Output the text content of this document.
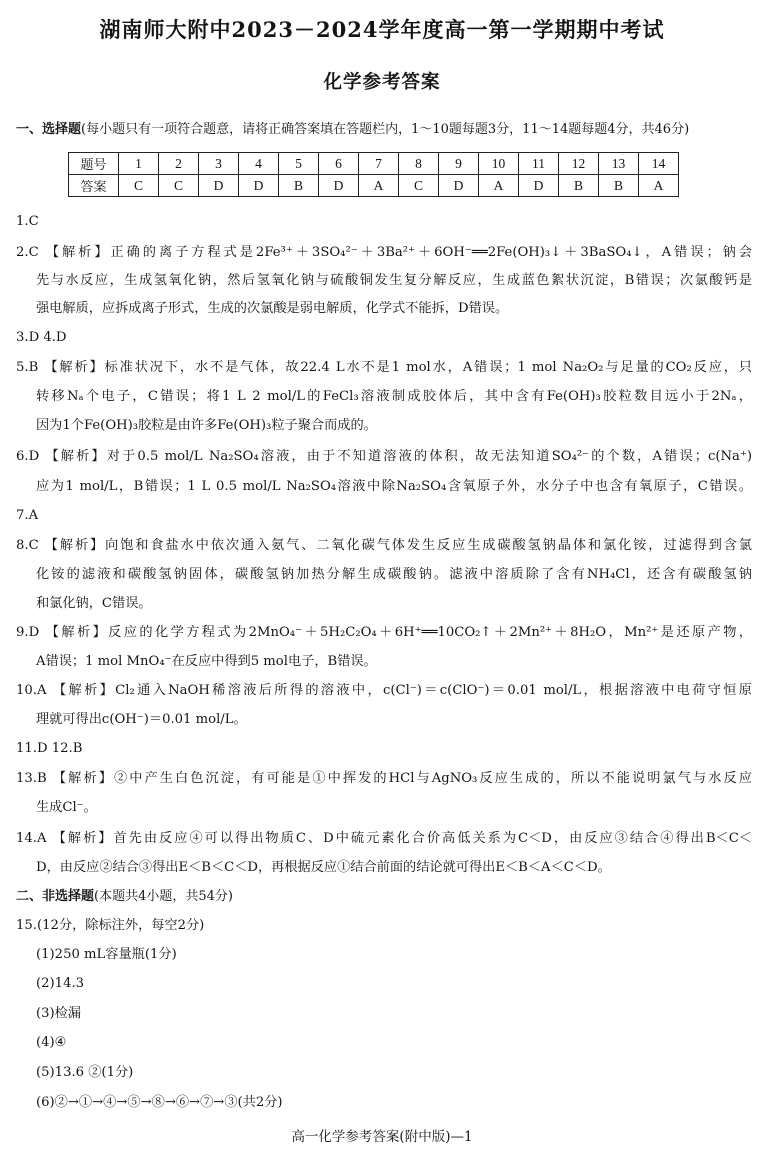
湖南师大附中2023－2024学年度高一第一学期期中考试
化学参考答案
一、选择题(每小题只有一项符合题意，请将正确答案填在答题栏内，1～10题每题3分，11～14题每题4分，共46分)
题号	1	2	3	4	5	6	7	8	9	10	11	12	13	14
答案	C	C	D	D	B	D	A	C	D	A	D	B	B	A
1.C
2.C 【解析】正确的离子方程式是2Fe³⁺＋3SO₄²⁻＋3Ba²⁺＋6OH⁻══2Fe(OH)₃↓＋3BaSO₄↓，A错误；钠会
先与水反应，生成氢氧化钠，然后氢氧化钠与硫酸铜发生复分解反应，生成蓝色絮状沉淀，B错误；次氯酸钙是
强电解质，应拆成离子形式，生成的次氯酸是弱电解质，化学式不能拆，D错误。
3.D 4.D
5.B 【解析】标准状况下，水不是气体，故22.4 L水不是1 mol水，A错误；1 mol Na₂O₂与足量的CO₂反应，只
转移Nₐ个电子，C错误；将1 L 2 mol/L的FeCl₃溶液制成胶体后，其中含有Fe(OH)₃胶粒数目远小于2Nₐ，
因为1个Fe(OH)₃胶粒是由许多Fe(OH)₃粒子聚合而成的。
6.D 【解析】对于0.5 mol/L Na₂SO₄溶液，由于不知道溶液的体积，故无法知道SO₄²⁻的个数，A错误；c(Na⁺)
应为1 mol/L，B错误；1 L 0.5 mol/L Na₂SO₄溶液中除Na₂SO₄含氧原子外，水分子中也含有氧原子，C错误。
7.A
8.C 【解析】向饱和食盐水中依次通入氨气、二氧化碳气体发生反应生成碳酸氢钠晶体和氯化铵，过滤得到含氯
化铵的滤液和碳酸氢钠固体，碳酸氢钠加热分解生成碳酸钠。滤液中溶质除了含有NH₄Cl，还含有碳酸氢钠
和氯化钠，C错误。
9.D 【解析】反应的化学方程式为2MnO₄⁻＋5H₂C₂O₄＋6H⁺══10CO₂↑＋2Mn²⁺＋8H₂O，Mn²⁺是还原产物，
A错误；1 mol MnO₄⁻在反应中得到5 mol电子，B错误。
10.A 【解析】Cl₂通入NaOH稀溶液后所得的溶液中，c(Cl⁻)＝c(ClO⁻)＝0.01 mol/L，根据溶液中电荷守恒原
理就可得出c(OH⁻)＝0.01 mol/L。
11.D 12.B
13.B 【解析】②中产生白色沉淀，有可能是①中挥发的HCl与AgNO₃反应生成的，所以不能说明氯气与水反应
生成Cl⁻。
14.A 【解析】首先由反应④可以得出物质C、D中硫元素化合价高低关系为C＜D，由反应③结合④得出B＜C＜
D，由反应②结合③得出E＜B＜C＜D，再根据反应①结合前面的结论就可得出E＜B＜A＜C＜D。
二、非选择题(本题共4小题，共54分)
15.(12分，除标注外，每空2分)
(1)250 mL容量瓶(1分)
(2)14.3
(3)检漏
(4)④
(5)13.6 ②(1分)
(6)②→①→④→⑤→⑧→⑥→⑦→③(共2分)
高一化学参考答案(附中版)—1
